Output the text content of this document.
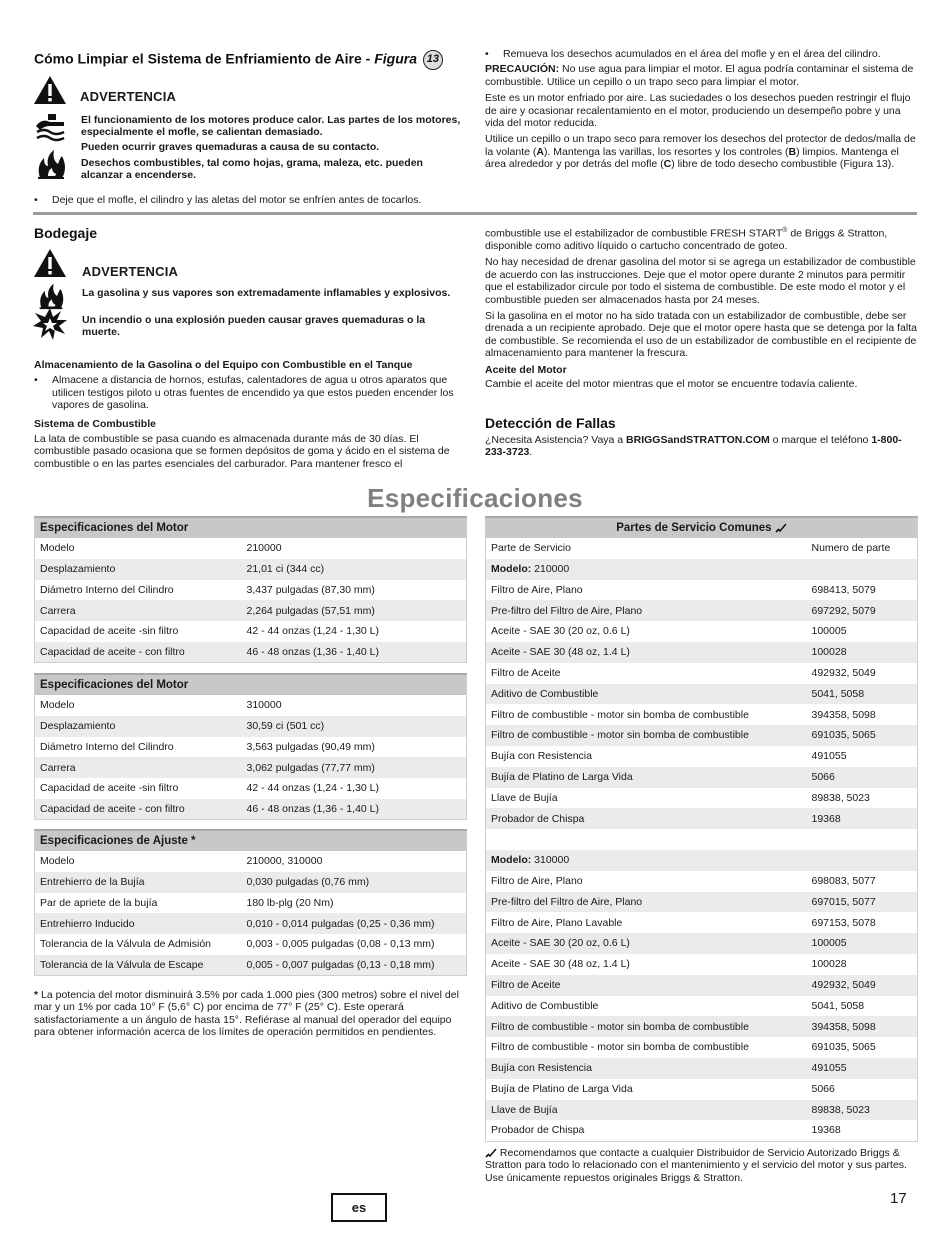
Cómo Limpiar el Sistema de Enfriamiento de Aire - Figura 13
ADVERTENCIA
El funcionamiento de los motores produce calor. Las partes de los motores, especialmente el mofle, se calientan demasiado.
Pueden ocurrir graves quemaduras a causa de su contacto.
Desechos combustibles, tal como hojas, grama, maleza, etc. pueden alcanzar a encenderse.
• Deje que el mofle, el cilindro y las aletas del motor se enfríen antes de tocarlos.
• Remueva los desechos acumulados en el área del mofle y en el área del cilindro.
PRECAUCIÓN: No use agua para limpiar el motor. El agua podría contaminar el sistema de combustible. Utilice un cepillo o un trapo seco para limpiar el motor.
Este es un motor enfriado por aire. Las suciedades o los desechos pueden restringir el flujo de aire y ocasionar recalentamiento en el motor, produciendo un desempeño pobre y una vida del motor reducida.
Utilice un cepillo o un trapo seco para remover los desechos del protector de dedos/malla de la volante (A). Mantenga las varillas, los resortes y los controles (B) limpios. Mantenga el área alrededor y por detrás del mofle (C) libre de todo desecho combustible (Figura 13).
Bodegaje
ADVERTENCIA
La gasolina y sus vapores son extremadamente inflamables y explosivos.
Un incendio o una explosión pueden causar graves quemaduras o la muerte.
Almacenamiento de la Gasolina o del Equipo con Combustible en el Tanque
• Almacene a distancia de hornos, estufas, calentadores de agua u otros aparatos que utilicen testigos piloto u otras fuentes de encendido ya que estos pueden encender los vapores de gasolina.
Sistema de Combustible
La lata de combustible se pasa cuando es almacenada durante más de 30 días. El combustible pasado ocasiona que se formen depósitos de goma y ácido en el sistema de combustible o en las partes esenciales del carburador. Para mantener fresco el
combustible use el estabilizador de combustible FRESH START® de Briggs & Stratton, disponible como aditivo líquido o cartucho concentrado de goteo.
No hay necesidad de drenar gasolina del motor si se agrega un estabilizador de combustible de acuerdo con las instrucciones. Deje que el motor opere durante 2 minutos para permitir que el estabilizador circule por todo el sistema de combustible. De este modo el motor y el combustible pueden ser almacenados hasta por 24 meses.
Si la gasolina en el motor no ha sido tratada con un estabilizador de combustible, debe ser drenada a un recipiente aprobado. Deje que el motor opere hasta que se detenga por la falta de combustible. Se recomienda el uso de un estabilizador de combustible en el recipiente de almacenamiento para mantener la frescura.
Aceite del Motor
Cambie el aceite del motor mientras que el motor se encuentre todavía caliente.
Detección de Fallas
¿Necesita Asistencia? Vaya a BRIGGSandSTRATTON.COM o marque el teléfono 1-800-233-3723.
Especificaciones
Especificaciones del Motor	
Modelo	210000
Desplazamiento	21,01 ci (344 cc)
Diámetro Interno del Cilindro	3,437 pulgadas (87,30 mm)
Carrera	2,264 pulgadas (57,51 mm)
Capacidad de aceite -sin filtro	42 - 44 onzas (1,24 - 1,30 L)
Capacidad de aceite - con filtro	46 - 48 onzas (1,36 - 1,40 L)
Especificaciones del Motor	
Modelo	310000
Desplazamiento	30,59 ci (501 cc)
Diámetro Interno del Cilindro	3,563 pulgadas (90,49 mm)
Carrera	3,062 pulgadas (77,77 mm)
Capacidad de aceite -sin filtro	42 - 44 onzas (1,24 - 1,30 L)
Capacidad de aceite - con filtro	46 - 48 onzas (1,36 - 1,40 L)
Especificaciones de Ajuste *	
Modelo	210000, 310000
Entrehierro de la Bujía	0,030 pulgadas (0,76 mm)
Par de apriete de la bujía	180 lb-plg (20 Nm)
Entrehierro Inducido	0,010 - 0,014 pulgadas (0,25 - 0,36 mm)
Tolerancia de la Válvula de Admisión	0,003 - 0,005 pulgadas (0,08 - 0,13 mm)
Tolerancia de la Válvula de Escape	0,005 - 0,007 pulgadas (0,13 - 0,18 mm)
* La potencia del motor disminuirá 3.5% por cada 1.000 pies (300 metros) sobre el nivel del mar y un 1% por cada 10° F (5,6° C) por encima de 77° F (25° C). Este operará satisfactoriamente a un ángulo de hasta 15°. Refiérase al manual del operador del equipo para obtener información acerca de los límites de operación permitidos en pendientes.
Partes de Servicio Comunes	

Parte de Servicio	Numero de parte
Modelo: 210000	
Filtro de Aire, Plano	698413, 5079
Pre-filtro del Filtro de Aire, Plano	697292, 5079
Aceite - SAE 30 (20 oz, 0.6 L)	100005
Aceite - SAE 30 (48 oz, 1.4 L)	100028
Filtro de Aceite	492932, 5049
Aditivo de Combustible	5041, 5058
Filtro de combustible - motor sin bomba de combustible	394358, 5098
Filtro de combustible - motor sin bomba de combustible	691035, 5065
Bujía con Resistencia	491055
Bujía de Platino de Larga Vida	5066
Llave de Bujía	89838, 5023
Probador de Chispa	19368

Modelo: 310000	
Filtro de Aire, Plano	698083, 5077
Pre-filtro del Filtro de Aire, Plano	697015, 5077
Filtro de Aire, Plano Lavable	697153, 5078
Aceite - SAE 30 (20 oz, 0.6 L)	100005
Aceite - SAE 30 (48 oz, 1.4 L)	100028
Filtro de Aceite	492932, 5049
Aditivo de Combustible	5041, 5058
Filtro de combustible - motor sin bomba de combustible	394358, 5098
Filtro de combustible - motor sin bomba de combustible	691035, 5065
Bujía con Resistencia	491055
Bujía de Platino de Larga Vida	5066
Llave de Bujía	89838, 5023
Probador de Chispa	19368
Recomendamos que contacte a cualquier Distribuidor de Servicio Autorizado Briggs & Stratton para todo lo relacionado con el mantenimiento y el servicio del motor y sus partes. Use únicamente repuestos originales Briggs & Stratton.
es
17
